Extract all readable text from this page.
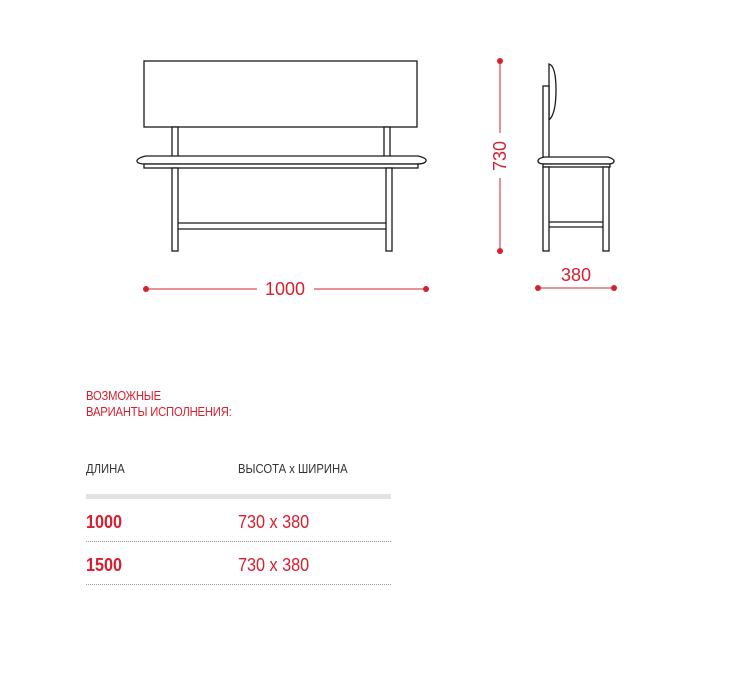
1000
730
380
ВОЗМОЖНЫЕ
ВАРИАНТЫ ИСПОЛНЕНИЯ:
ДЛИНА	ВЫСОТА х ШИРИНА
1000	730 х 380
1500	730 х 380
